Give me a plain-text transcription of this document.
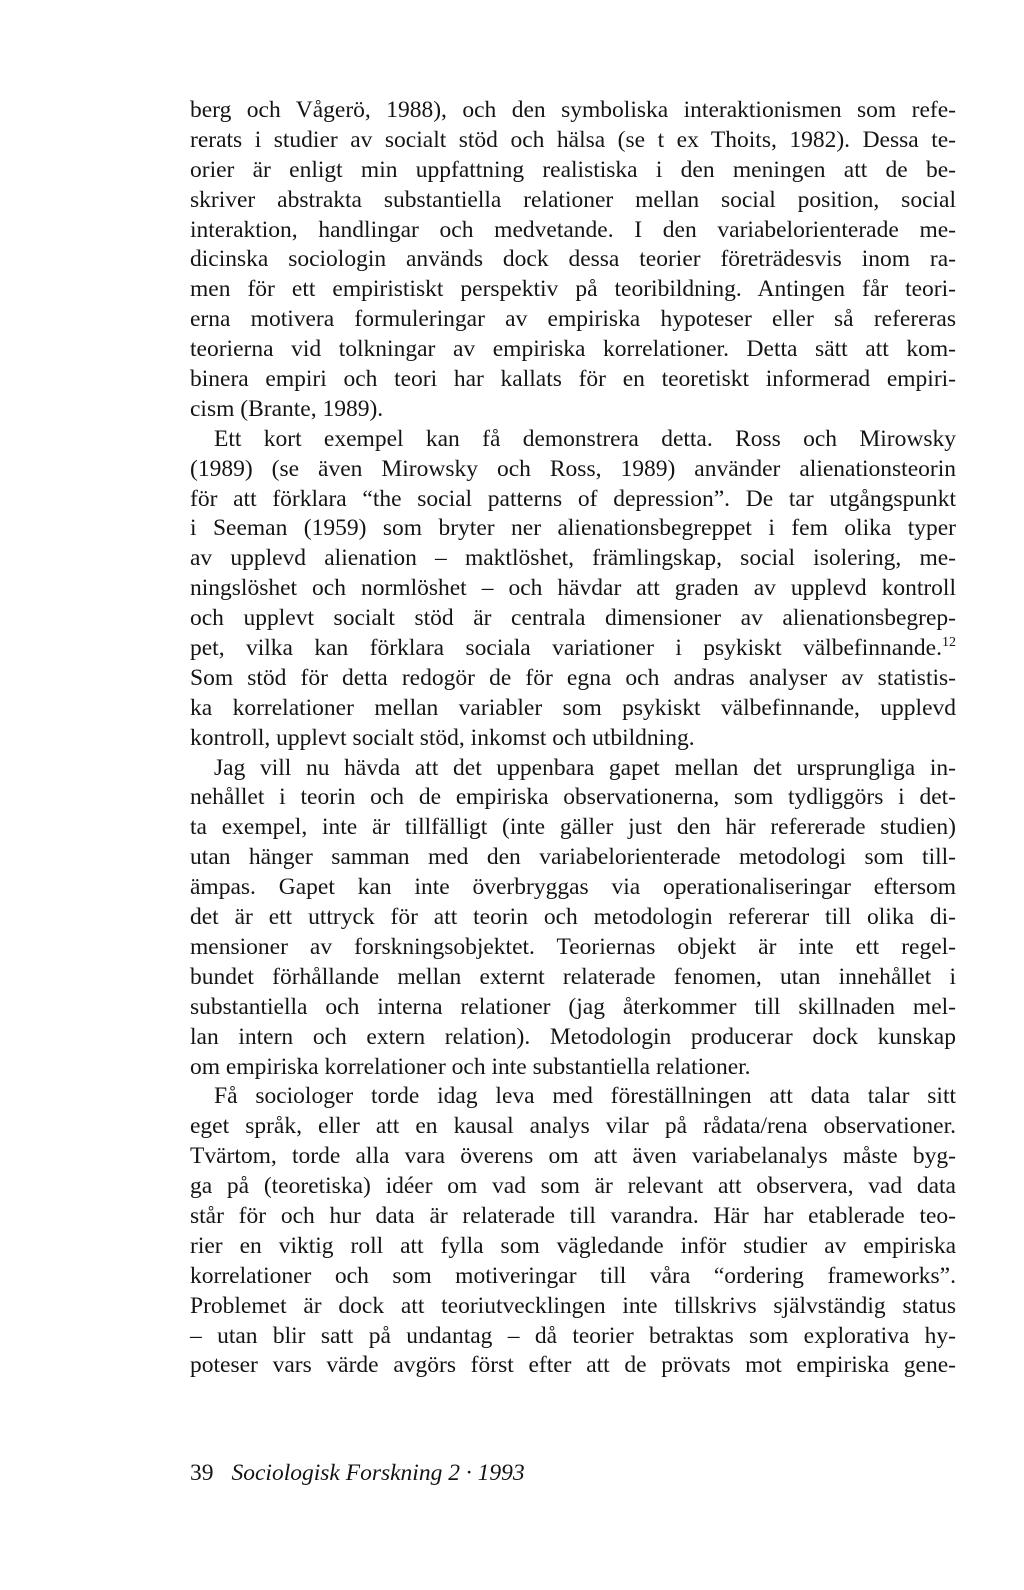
berg och Vågerö, 1988), och den symboliska interaktionismen som refe-
rerats i studier av socialt stöd och hälsa (se t ex Thoits, 1982). Dessa te-
orier är enligt min uppfattning realistiska i den meningen att de be-
skriver abstrakta substantiella relationer mellan social position, social
interaktion, handlingar och medvetande. I den variabelorienterade me-
dicinska sociologin används dock dessa teorier företrädesvis inom ra-
men för ett empiristiskt perspektiv på teoribildning. Antingen får teori-
erna motivera formuleringar av empiriska hypoteser eller så refereras
teorierna vid tolkningar av empiriska korrelationer. Detta sätt att kom-
binera empiri och teori har kallats för en teoretiskt informerad empiri-
cism (Brante, 1989).
Ett kort exempel kan få demonstrera detta. Ross och Mirowsky
(1989) (se även Mirowsky och Ross, 1989) använder alienationsteorin
för att förklara “the social patterns of depression”. De tar utgångspunkt
i Seeman (1959) som bryter ner alienationsbegreppet i fem olika typer
av upplevd alienation – maktlöshet, främlingskap, social isolering, me-
ningslöshet och normlöshet – och hävdar att graden av upplevd kontroll
och upplevt socialt stöd är centrala dimensioner av alienationsbegrep-
pet, vilka kan förklara sociala variationer i psykiskt välbefinnande.$^{12}$
Som stöd för detta redogör de för egna och andras analyser av statistis-
ka korrelationer mellan variabler som psykiskt välbefinnande, upplevd
kontroll, upplevt socialt stöd, inkomst och utbildning.
Jag vill nu hävda att det uppenbara gapet mellan det ursprungliga in-
nehållet i teorin och de empiriska observationerna, som tydliggörs i det-
ta exempel, inte är tillfälligt (inte gäller just den här refererade studien)
utan hänger samman med den variabelorienterade metodologi som till-
ämpas. Gapet kan inte överbryggas via operationaliseringar eftersom
det är ett uttryck för att teorin och metodologin refererar till olika di-
mensioner av forskningsobjektet. Teoriernas objekt är inte ett regel-
bundet förhållande mellan externt relaterade fenomen, utan innehållet i
substantiella och interna relationer (jag återkommer till skillnaden mel-
lan intern och extern relation). Metodologin producerar dock kunskap
om empiriska korrelationer och inte substantiella relationer.
Få sociologer torde idag leva med föreställningen att data talar sitt
eget språk, eller att en kausal analys vilar på rådata/rena observationer.
Tvärtom, torde alla vara överens om att även variabelanalys måste byg-
ga på (teoretiska) idéer om vad som är relevant att observera, vad data
står för och hur data är relaterade till varandra. Här har etablerade teo-
rier en viktig roll att fylla som vägledande inför studier av empiriska
korrelationer och som motiveringar till våra “ordering frameworks”.
Problemet är dock att teoriutvecklingen inte tillskrivs självständig status
– utan blir satt på undantag – då teorier betraktas som explorativa hy-
poteser vars värde avgörs först efter att de prövats mot empiriska gene-
39 Sociologisk Forskning 2 · 1993
